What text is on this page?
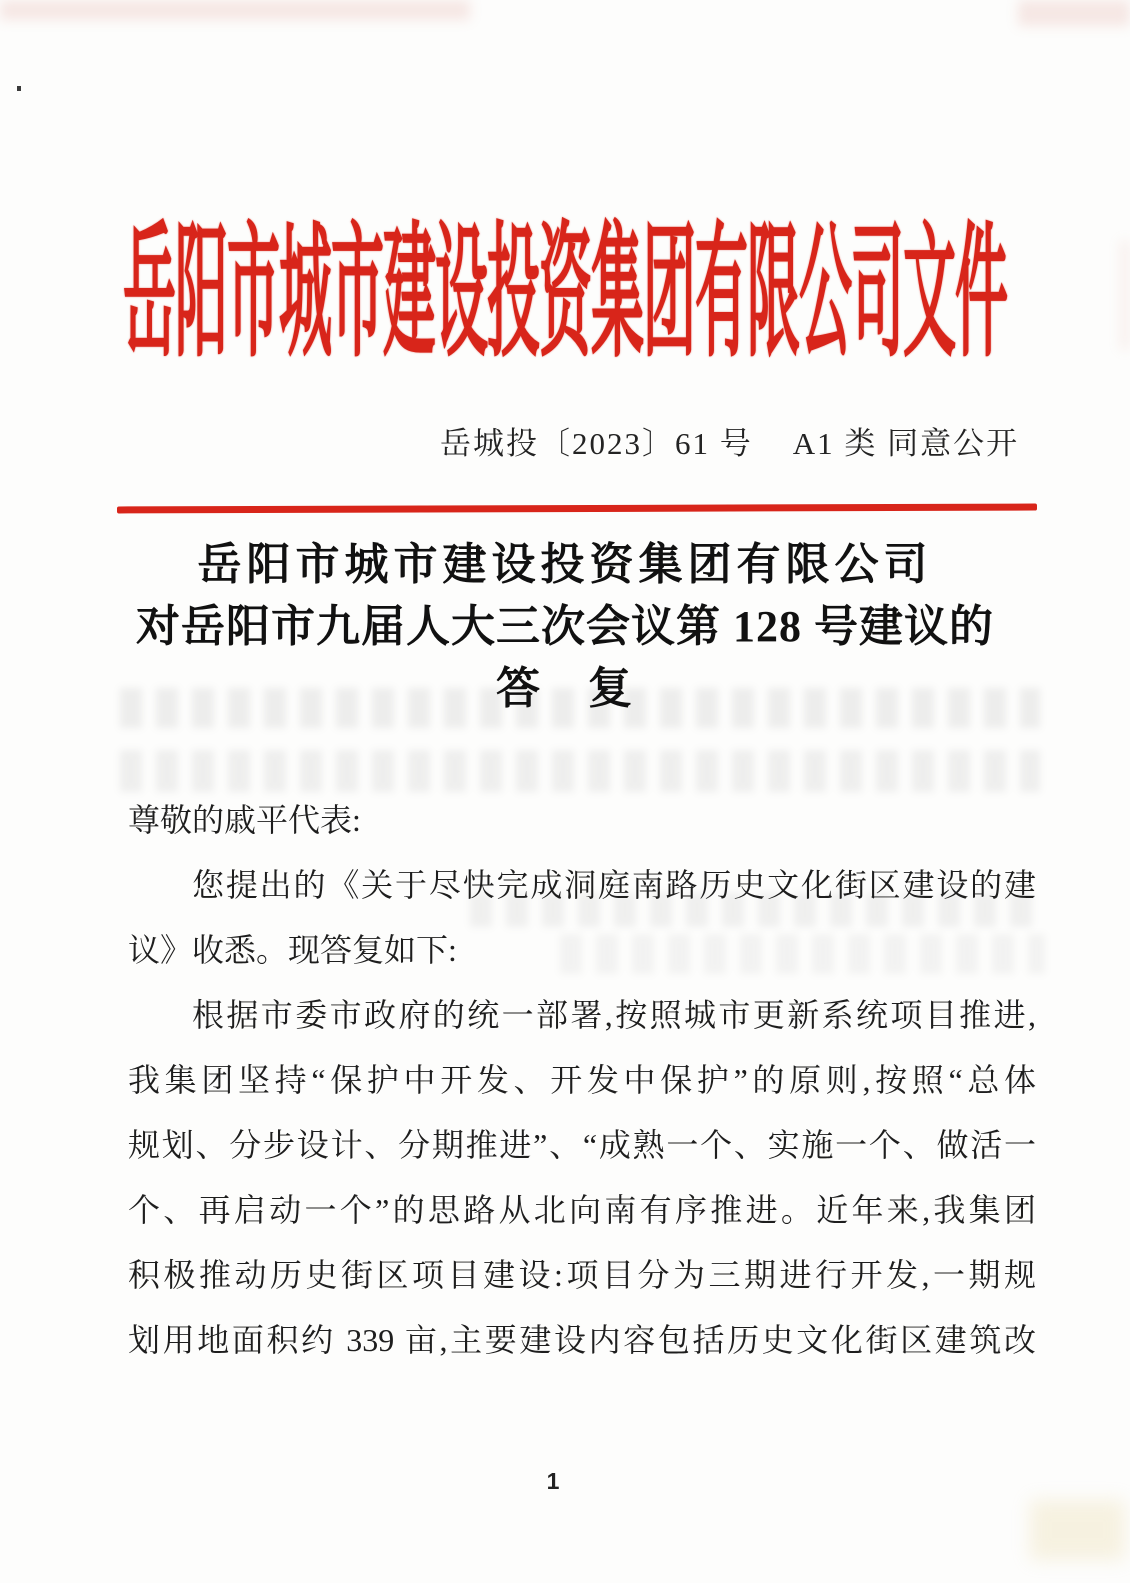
岳阳市城市建设投资集团有限公司文件
岳城投〔2023〕61 号 A1 类 同意公开
岳阳市城市建设投资集团有限公司
对岳阳市九届人大三次会议第 128 号建议的
答　复
尊敬的戚平代表:
您提出的《关于尽快完成洞庭南路历史文化街区建设的建
议》收悉。现答复如下:
根据市委市政府的统一部署,按照城市更新系统项目推进,
我集团坚持“保护中开发、开发中保护”的原则,按照“总体
规划、分步设计、分期推进”、“成熟一个、实施一个、做活一
个、再启动一个”的思路从北向南有序推进。近年来,我集团
积极推动历史街区项目建设:项目分为三期进行开发,一期规
划用地面积约 339 亩,主要建设内容包括历史文化街区建筑改
1
